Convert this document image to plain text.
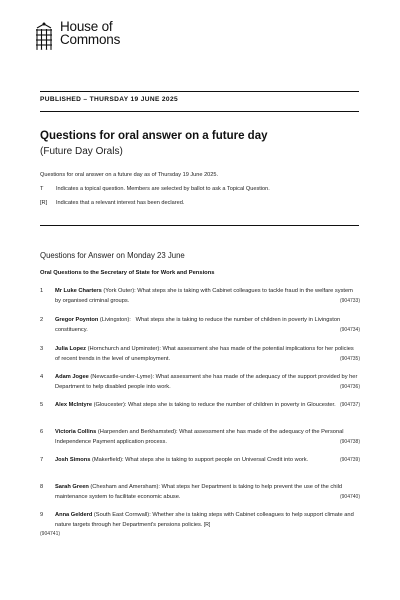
House of
Commons
PUBLISHED – THURSDAY 19 JUNE 2025
Questions for oral answer on a future day
(Future Day Orals)
Questions for oral answer on a future day as of Thursday 19 June 2025.
T Indicates a topical question. Members are selected by ballot to ask a Topical Question.
[R] Indicates that a relevant interest has been declared.
Questions for Answer on Monday 23 June
Oral Questions to the Secretary of State for Work and Pensions
1	Mr Luke Charters (York Outer): What steps she is taking with Cabinet colleagues to tackle fraud in the welfare system by organised criminal groups.	(904733)
2	Gregor Poynton (Livingston):   What steps she is taking to reduce the number of children in poverty in Livingston constituency.	(904734)
3	Julia Lopez (Hornchurch and Upminster): What assessment she has made of the potential implications for her policies of recent trends in the level of unemployment.	(904735)
4	Adam Jogee (Newcastle-under-Lyme): What assessment she has made of the adequacy of the support provided by her Department to help disabled people into work.	(904736)
5	Alex McIntyre (Gloucester): What steps she is taking to reduce the number of children in poverty in Gloucester. (904737)
6	Victoria Collins (Harpenden and Berkhamsted): What assessment she has made of the adequacy of the Personal Independence Payment application process.	(904738)
7	Josh Simons (Makerfield): What steps she is taking to support people on Universal Credit into work.	(904739)
8	Sarah Green (Chesham and Amersham): What steps her Department is taking to help prevent the use of the child maintenance system to facilitate economic abuse.	(904740)
9	Anna Gelderd (South East Cornwall): Whether she is taking steps with Cabinet colleagues to help support climate and nature targets through her Department's pensions policies. [R]
(904741)
